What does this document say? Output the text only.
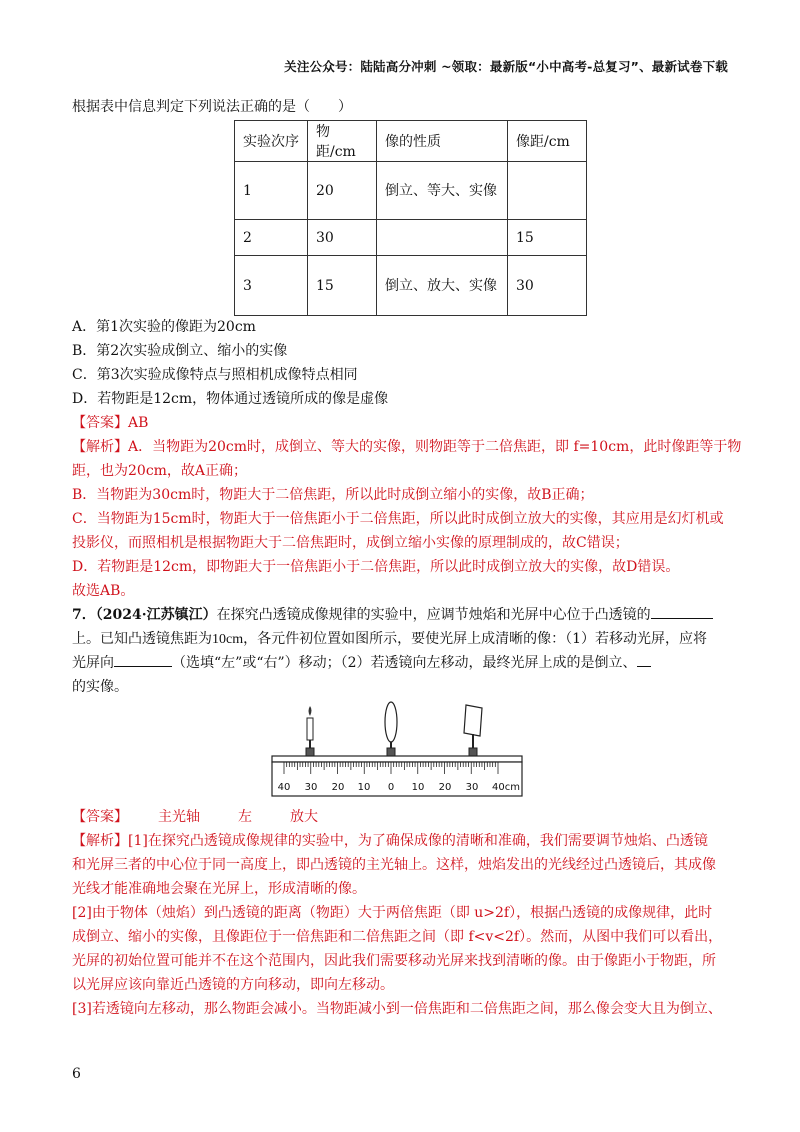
关注公众号：陆陆高分冲刺 ~领取：最新版“小中高考-总复习”、最新试卷下载
根据表中信息判定下列说法正确的是（　　）
实验次序	物距/cm	像的性质	像距/cm
1	20	倒立、等大、实像	
2	30		15
3	15	倒立、放大、实像	30
A．第1次实验的像距为20cm
B．第2次实验成倒立、缩小的实像
C．第3次实验成像特点与照相机成像特点相同
D．若物距是12cm，物体通过透镜所成的像是虚像
【答案】AB
【解析】A．当物距为20cm时，成倒立、等大的实像，则物距等于二倍焦距，即 f=10cm，此时像距等于物
距，也为20cm，故A正确；
B．当物距为30cm时，物距大于二倍焦距，所以此时成倒立缩小的实像，故B正确；
C．当物距为15cm时，物距大于一倍焦距小于二倍焦距，所以此时成倒立放大的实像，其应用是幻灯机或
投影仪，而照相机是根据物距大于二倍焦距时，成倒立缩小实像的原理制成的，故C错误；
D．若物距是12cm，即物距大于一倍焦距小于二倍焦距，所以此时成倒立放大的实像，故D错误。
故选AB。
7．（2024·江苏镇江）在探究凸透镜成像规律的实验中，应调节烛焰和光屏中心位于凸透镜的
上。已知凸透镜焦距为10cm，各元件初位置如图所示，要使光屏上成清晰的像：（1）若移动光屏，应将
光屏向	（选填“左”或“右”）移动；（2）若透镜向左移动，最终光屏上成的是倒立、
的实像。
40 30 20 10 0 10 20 30 40cm
【答案】 主光轴	左	放大
【解析】[1]在探究凸透镜成像规律的实验中，为了确保成像的清晰和准确，我们需要调节烛焰、凸透镜
和光屏三者的中心位于同一高度上，即凸透镜的主光轴上。这样，烛焰发出的光线经过凸透镜后，其成像
光线才能准确地会聚在光屏上，形成清晰的像。
[2]由于物体（烛焰）到凸透镜的距离（物距）大于两倍焦距（即 u>2f），根据凸透镜的成像规律，此时
成倒立、缩小的实像，且像距位于一倍焦距和二倍焦距之间（即 f<v<2f）。然而，从图中我们可以看出，
光屏的初始位置可能并不在这个范围内，因此我们需要移动光屏来找到清晰的像。由于像距小于物距，所
以光屏应该向靠近凸透镜的方向移动，即向左移动。
[3]若透镜向左移动，那么物距会减小。当物距减小到一倍焦距和二倍焦距之间，那么像会变大且为倒立、
6
